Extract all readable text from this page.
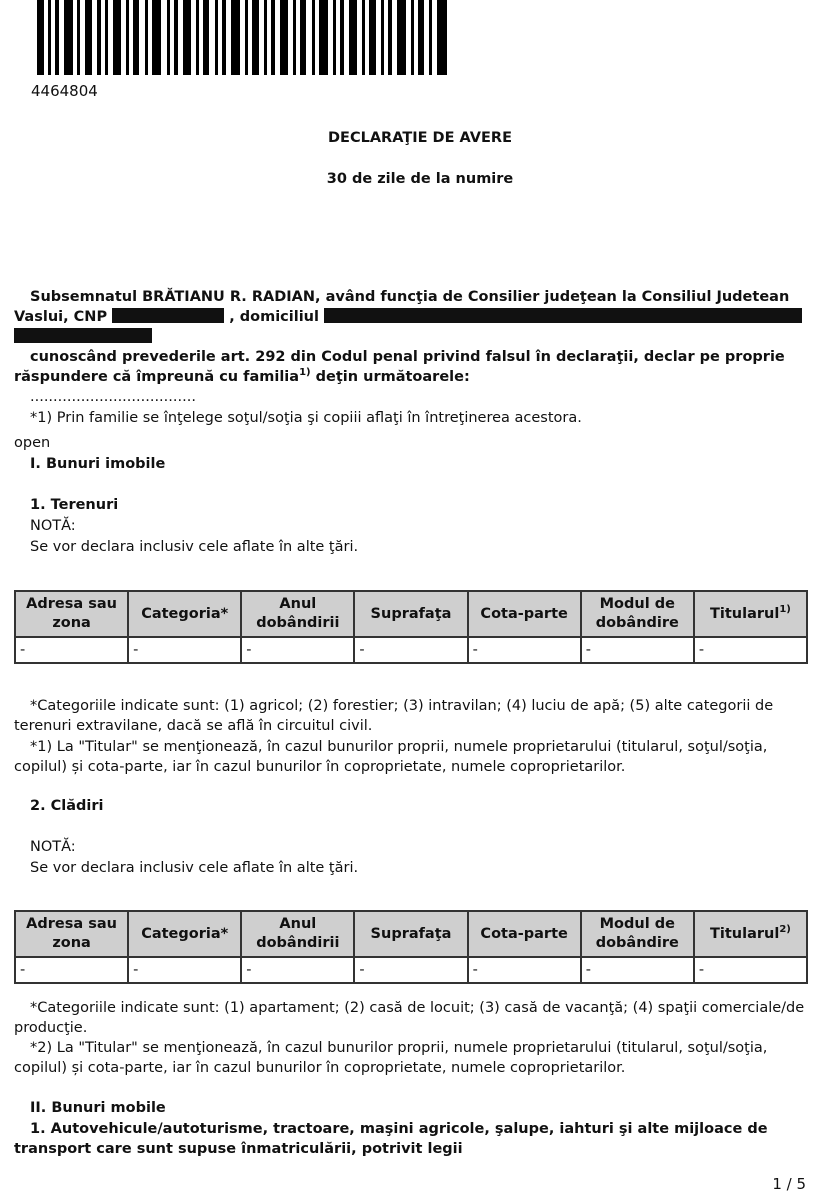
4464804
DECLARAŢIE DE AVERE
30 de zile de la numire
Subsemnatul BRĂTIANU R. RADIAN, având funcţia de Consilier judeţean la Consiliul Judetean Vaslui, CNP	, domiciliul
cunoscând prevederile art. 292 din Codul penal privind falsul în declaraţii, declar pe proprie răspundere că împreună cu familia$^{1)}$ deţin următoarele:
....................................
*1) Prin familie se înţelege soţul/soţia şi copiii aflaţi în întreţinerea acestora.
open
I. Bunuri imobile
1. Terenuri
NOTĂ:
Se vor declara inclusiv cele aflate în alte ţări.
Adresa sau zona	Categoria*	Anul dobândirii	Suprafaţa	Cota-parte	Modul de dobândire	Titularul$^{1)}$
-	-	-	-	-	-	-
*Categoriile indicate sunt: (1) agricol; (2) forestier; (3) intravilan; (4) luciu de apă; (5) alte categorii de terenuri extravilane, dacă se află în circuitul civil.
*1) La "Titular" se menţionează, în cazul bunurilor proprii, numele proprietarului (titularul, soţul/soţia, copilul) și cota-parte, iar în cazul bunurilor în coproprietate, numele coproprietarilor.
2. Clădiri
NOTĂ:
Se vor declara inclusiv cele aflate în alte ţări.
Adresa sau zona	Categoria*	Anul dobândirii	Suprafaţa	Cota-parte	Modul de dobândire	Titularul$^{2)}$
-	-	-	-	-	-	-
*Categoriile indicate sunt: (1) apartament; (2) casă de locuit; (3) casă de vacanţă; (4) spaţii comerciale/de producţie.
*2) La "Titular" se menţionează, în cazul bunurilor proprii, numele proprietarului (titularul, soţul/soţia, copilul) și cota-parte, iar în cazul bunurilor în coproprietate, numele coproprietarilor.
II. Bunuri mobile
1. Autovehicule/autoturisme, tractoare, maşini agricole, şalupe, iahturi şi alte mijloace de transport care sunt supuse înmatriculării, potrivit legii
1 / 5
